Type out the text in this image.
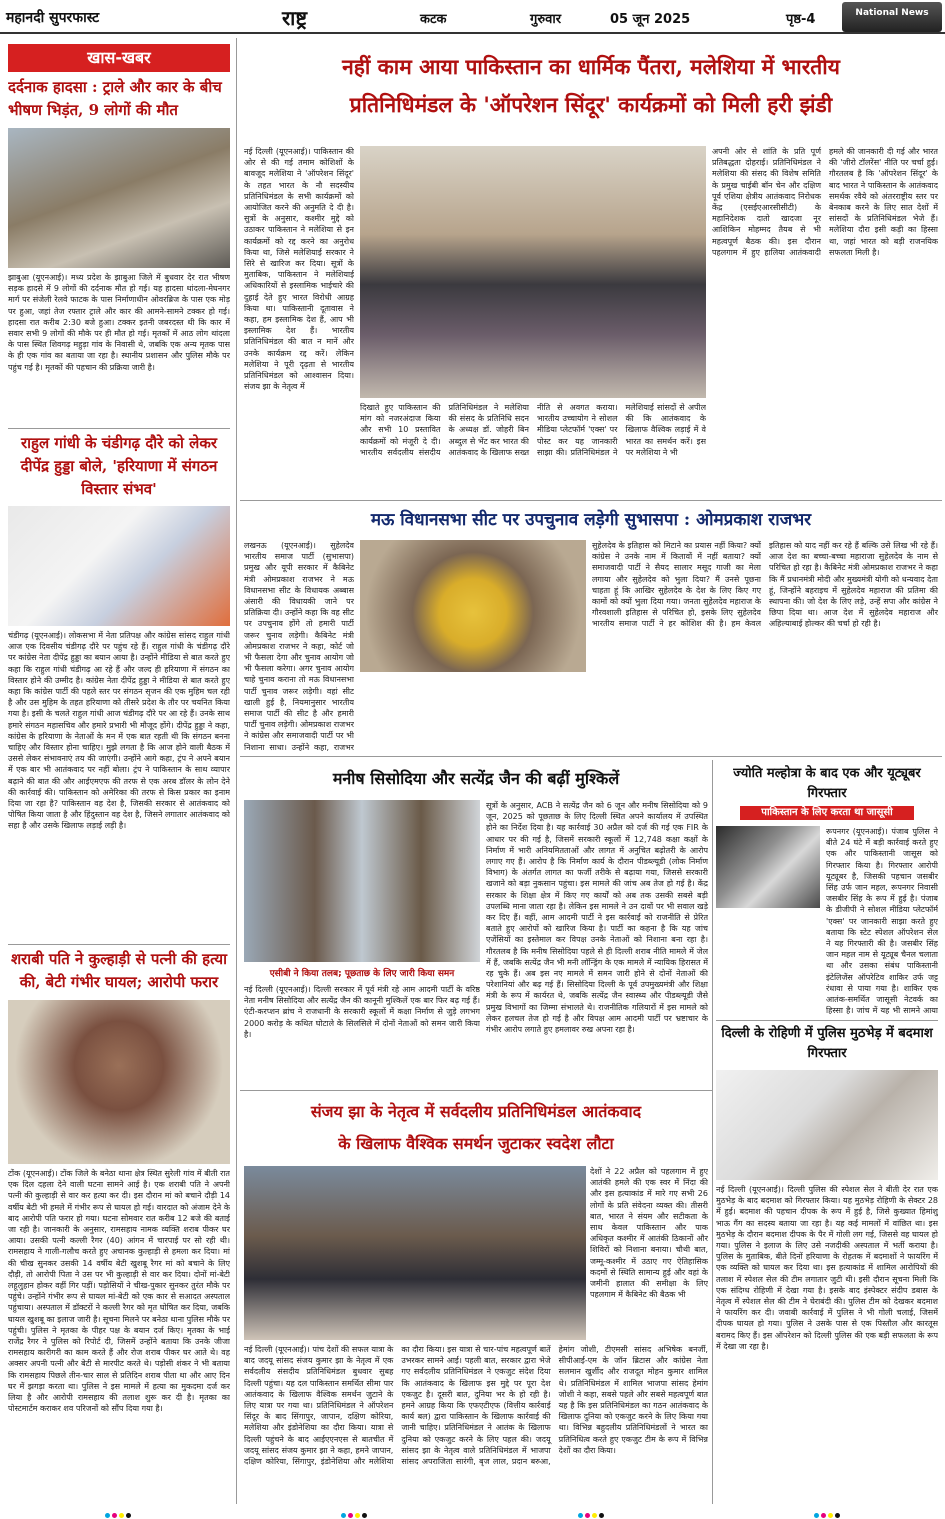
महानदी सुपरफास्ट	राष्ट्र	कटक	गुरुवार	05 जून 2025	पृष्ठ-4	National News
खास-खबर
दर्दनाक हादसा : ट्राले और कार के बीच भीषण भिड़ंत, 9 लोगों की मौत
झाबुआ (यूएनआई)। मध्य प्रदेश के झाबुआ जिले में बुधवार देर रात भीषण सड़क हादसे में 9 लोगों की दर्दनाक मौत हो गई। यह हादसा थांदला-मेघनगर मार्ग पर संजेली रेलवे फाटक के पास निर्माणाधीन ओवरब्रिज के पास एक मोड़ पर हुआ, जहां तेज रफ्तार ट्राले और कार की आमने-सामने टक्कर हो गई। हादसा रात करीब 2:30 बजे हुआ। टक्कर इतनी जबरदस्त थी कि कार में सवार सभी 9 लोगों की मौके पर ही मौत हो गई। मृतकों में आठ लोग थांदला के पास स्थित शिवगढ़ महुड़ा गांव के निवासी थे, जबकि एक अन्य मृतक पास के ही एक गांव का बताया जा रहा है। स्थानीय प्रशासन और पुलिस मौके पर पहुंच गई है। मृतकों की पहचान की प्रक्रिया जारी है।
राहुल गांधी के चंडीगढ़ दौरे को लेकर दीपेंद्र हुड्डा बोले, 'हरियाणा में संगठन विस्तार संभव'
चंडीगढ़ (यूएनआई)। लोकसभा में नेता प्रतिपक्ष और कांग्रेस सांसद राहुल गांधी आज एक दिवसीय चंडीगढ़ दौरे पर पहुंच रहे हैं। राहुल गांधी के चंडीगढ़ दौरे पर कांग्रेस नेता दीपेंद्र हुड्डा का बयान आया है। उन्होंने मीडिया से बात करते हुए कहा कि राहुल गांधी चंडीगढ़ आ रहे हैं और जल्द ही हरियाणा में संगठन का विस्तार होने की उम्मीद है। कांग्रेस नेता दीपेंद्र हुड्डा ने मीडिया से बात करते हुए कहा कि कांग्रेस पार्टी की पहले स्तर पर संगठन सृजन की एक मुहिम चल रही है और उस मुहिम के तहत हरियाणा को तीसरे प्रदेश के तौर पर चयनित किया गया है। इसी के चलते राहुल गांधी आज चंडीगढ़ दौरे पर आ रहे हैं। उनके साथ हमारे संगठन महासचिव और हमारे प्रभारी भी मौजूद होंगे। दीपेंद्र हुड्डा ने कहा, कांग्रेस के हरियाणा के नेताओं के मन में एक बात रहती थी कि संगठन बनना चाहिए और विस्तार होना चाहिए। मुझे लगता है कि आज होने वाली बैठक में उससे लेकर संभावनाएं तय की जाएंगी। उन्होंने आगे कहा, ट्रंप ने अपने बयान में एक बार भी आतंकवाद पर नहीं बोला। ट्रंप ने पाकिस्तान के साथ व्यापार बढ़ाने की बात की और आईएमएफ की तरफ से एक अरब डॉलर के लोन देने की कार्रवाई की। पाकिस्तान को अमेरिका की तरफ से किस प्रकार का इनाम दिया जा रहा है? पाकिस्तान वह देश है, जिसकी सरकार से आतंकवाद को पोषित किया जाता है और हिंदुस्तान वह देश है, जिसने लगातार आतंकवाद को सहा है और उसके खिलाफ लड़ाई लड़ी है।
शराबी पति ने कुल्हाड़ी से पत्नी की हत्या की, बेटी गंभीर घायल; आरोपी फरार
टोंक (यूएनआई)। टोंक जिले के बनेठा थाना क्षेत्र स्थित सुरेली गांव में बीती रात एक दिल दहला देने वाली घटना सामने आई है। एक शराबी पति ने अपनी पत्नी की कुल्हाड़ी से वार कर हत्या कर दी। इस दौरान मां को बचाने दौड़ी 14 वर्षीय बेटी भी हमले में गंभीर रूप से घायल हो गई। वारदात को अंजाम देने के बाद आरोपी पति फरार हो गया। घटना सोमवार रात करीब 12 बजे की बताई जा रही है। जानकारी के अनुसार, रामसहाय नामक व्यक्ति शराब पीकर घर आया। उसकी पत्नी कल्ली रैगर (40) आंगन में चारपाई पर सो रही थी। रामसहाय ने गाली-गलौच करते हुए अचानक कुल्हाड़ी से हमला कर दिया। मां की चीख सुनकर उसकी 14 वर्षीय बेटी खुशबू रैगर मां को बचाने के लिए दौड़ी, तो आरोपी पिता ने उस पर भी कुल्हाड़ी से वार कर दिया। दोनों मां-बेटी लहूलुहान होकर वहीं गिर पड़ीं। पड़ोसियों ने चीख-पुकार सुनकर तुरंत मौके पर पहुंचे। उन्होंने गंभीर रूप से घायल मां-बेटी को एक कार से सआदत अस्पताल पहुंचाया। अस्पताल में डॉक्टरों ने कल्ली रैगर को मृत घोषित कर दिया, जबकि घायल खुशबू का इलाज जारी है। सूचना मिलने पर बनेठा थाना पुलिस मौके पर पहुंची। पुलिस ने मृतका के पीहर पक्ष के बयान दर्ज किए। मृतका के भाई राजेंद्र रैगर ने पुलिस को रिपोर्ट दी, जिसमें उन्होंने बताया कि उनके जीजा रामसहाय कारीगरी का काम करते हैं और रोज शराब पीकर घर आते थे। वह अक्सर अपनी पत्नी और बेटी से मारपीट करते थे। पड़ोसी शंकर ने भी बताया कि रामसहाय पिछले तीन-चार साल से प्रतिदिन शराब पीता था और आए दिन घर में झगड़ा करता था। पुलिस ने इस मामले में हत्या का मुकदमा दर्ज कर लिया है और आरोपी रामसहाय की तलाश शुरू कर दी है। मृतका का पोस्टमार्टम कराकर शव परिजनों को सौंप दिया गया है।
नहीं काम आया पाकिस्तान का धार्मिक पैंतरा, मलेशिया में भारतीय
प्रतिनिधिमंडल के 'ऑपरेशन सिंदूर' कार्यक्रमों को मिली हरी झंडी
नई दिल्ली (यूएनआई)। पाकिस्तान की ओर से की गई तमाम कोशिशों के बावजूद मलेशिया ने 'ऑपरेशन सिंदूर' के तहत भारत के नौ सदस्यीय प्रतिनिधिमंडल के सभी कार्यक्रमों को आयोजित करने की अनुमति दे दी है। सुत्रों के अनुसार, कश्मीर मुद्दे को उठाकर पाकिस्तान ने मलेशिया से इन कार्यक्रमों को रद्द करने का अनुरोध किया था, जिसे मलेशियाई सरकार ने सिरे से खारिज कर दिया। सूत्रों के मुताबिक, पाकिस्तान ने मलेशियाई अधिकारियों से इस्लामिक भाईचारे की दुहाई देते हुए भारत विरोधी आग्रह किया था। पाकिस्तानी दूतावास ने कहा, हम इस्लामिक देश हैं, आप भी इस्लामिक देश हैं। भारतीय प्रतिनिधिमंडल की बात न मानें और उनके कार्यक्रम रद्द करें। लेकिन मलेशिया ने पूरी दृढ़ता से भारतीय प्रतिनिधिमंडल को आश्वासन दिया। संजय झा के नेतृत्व में
दिखाते हुए पाकिस्तान की मांग को नजरअंदाज किया और सभी 10 प्रस्तावित कार्यक्रमों को मंजूरी दे दी। भारतीय सर्वदलीय संसदीय प्रतिनिधिमंडल ने मलेशिया की संसद के प्रतिनिधि सदन के अध्यक्ष डॉ. जोहरी बिन अब्दुल से भेंट कर भारत की आतंकवाद के खिलाफ सख्त नीति से अवगत कराया। भारतीय उच्चायोग ने सोशल मीडिया प्लेटफॉर्म 'एक्स' पर पोस्ट कर यह जानकारी साझा की। प्रतिनिधिमंडल ने मलेशियाई सांसदों से अपील की कि आतंकवाद के खिलाफ वैश्विक लड़ाई में वे भारत का समर्थन करें। इस पर मलेशिया ने भी
अपनी ओर से शांति के प्रति पूर्ण प्रतिबद्धता दोहराई। प्रतिनिधिमंडल ने मलेशिया की संसद की विशेष समिति के प्रमुख चाईबी बॉन चेन और दक्षिण पूर्व एशिया क्षेत्रीय आतंकवाद निरोधक केंद्र (एसईएआरसीसीटी) के महानिदेशक दातो खादजा नूर आशिकिन मोहम्मद तैयब से भी महत्वपूर्ण बैठक की। इस दौरान पहलगाम में हुए हालिया आतंकवादी हमले की जानकारी दी गई और भारत की 'जीरो टॉलरेंस' नीति पर चर्चा हुई। गौरतलब है कि 'ऑपरेशन सिंदूर' के बाद भारत ने पाकिस्तान के आतंकवाद समर्थक रवैये को अंतरराष्ट्रीय स्तर पर बेनकाब करने के लिए सात देशों में सांसदों के प्रतिनिधिमंडल भेजे हैं। मलेशिया दौरा इसी कड़ी का हिस्सा था, जहां भारत को बड़ी राजनयिक सफलता मिली है।
मऊ विधानसभा सीट पर उपचुनाव लड़ेगी सुभासपा : ओमप्रकाश राजभर
लखनऊ (यूएनआई)। सुहेलदेव भारतीय समाज पार्टी (सुभासपा) प्रमुख और यूपी सरकार में कैबिनेट मंत्री ओमप्रकाश राजभर ने मऊ विधानसभा सीट के विधायक अब्बास अंसारी की विधायकी जाने पर प्रतिक्रिया दी। उन्होंने कहा कि वह सीट पर उपचुनाव होंगे तो हमारी पार्टी जरूर चुनाव लड़ेगी। कैबिनेट मंत्री ओमप्रकाश राजभर ने कहा, कोर्ट जो भी फैसला देगा और चुनाव आयोग जो भी फैसला करेगा। अगर चुनाव आयोग चाहे चुनाव कराना तो मऊ विधानसभा पार्टी चुनाव जरूर लड़ेगी। वहां सीट खाली हुई है, नियमानुसार भारतीय समाज पार्टी की सीट है और हमारी पार्टी चुनाव लड़ेगी। ओमप्रकाश राजभर ने कांग्रेस और समाजवादी पार्टी पर भी निशाना साधा। उन्होंने कहा, राजभर
सुहेलदेव के इतिहास को मिटाने का प्रयास नहीं किया? क्यों कांग्रेस ने उनके नाम में कितावों में नहीं बताया? क्यों समाजवादी पार्टी ने सैयद सालार मसूद गाजी का मेला लगाया और सुहेलदेव को भुला दिया? मैं उनसे पूछना चाहता हूं कि आखिर सुहेलदेव के देश के लिए किए गए कामों को क्यों भुला दिया गया। जनता सुहेलदेव महाराज के गौरवशाली इतिहास से परिचित हो, इसके लिए सुहेलदेव भारतीय समाज पार्टी ने हर कोशिश की है। हम केवल इतिहास को याद नहीं कर रहे हैं बल्कि उसे लिख भी रहे हैं। आज देश का बच्चा-बच्चा महाराजा सुहेलदेव के नाम से परिचित हो रहा है। कैबिनेट मंत्री ओमप्रकाश राजभर ने कहा कि मैं प्रधानमंत्री मोदी और मुख्यमंत्री योगी को धन्यवाद देता हूं, जिन्होंने बहराइच में सुहेलदेव महाराज की प्रतिमा की स्थापना की। जो देश के लिए लड़े, उन्हें सपा और कांग्रेस ने छिपा दिया था। आज देश में सुहेलदेव महाराज और अहिल्याबाई होल्कर की चर्चा हो रही है।
मनीष सिसोदिया और सत्येंद्र जैन की बढ़ीं मुश्किलें
एसीबी ने किया तलब; पूछताछ के लिए जारी किया समन
नई दिल्ली (यूएनआई)। दिल्ली सरकार में पूर्व मंत्री रहे आम आदमी पार्टी के वरिष्ठ नेता मनीष सिसोदिया और सत्येंद्र जैन की कानूनी मुश्किलें एक बार फिर बढ़ गई हैं। एंटी-करप्शन ब्रांच ने राजधानी के सरकारी स्कूलों में कक्षा निर्माण से जुड़े लगभग 2000 करोड़ के कथित घोटाले के सिलसिले में दोनों नेताओं को समन जारी किया है।
सूत्रों के अनुसार, ACB ने सत्येंद्र जैन को 6 जून और मनीष सिसोदिया को 9 जून, 2025 को पूछताछ के लिए दिल्ली स्थित अपने कार्यालय में उपस्थित होने का निर्देश दिया है। यह कार्रवाई 30 अप्रैल को दर्ज की गई एक FIR के आधार पर की गई है, जिसमें सरकारी स्कूलों में 12,748 कक्षा कक्षों के निर्माण में भारी अनियमितताओं और लागत में अनुचित बढ़ोतरी के आरोप लगाए गए हैं। आरोप है कि निर्माण कार्य के दौरान पीडब्ल्यूडी (लोक निर्माण विभाग) के अंतर्गत लागत का फर्जी तरीके से बढ़ाया गया, जिससे सरकारी खजाने को बड़ा नुकसान पहुंचा। इस मामले की जांच अब तेज हो गई है। केंद्र सरकार के शिक्षा क्षेत्र में किए गए कार्यों को अब तक उसकी सबसे बड़ी उपलब्धि माना जाता रहा है। लेकिन इस मामले ने उन दावों पर भी सवाल खड़े कर दिए हैं। वहीं, आम आदमी पार्टी ने इस कार्रवाई को राजनीति से प्रेरित बताते हुए आरोपों को खारिज किया है। पार्टी का कहना है कि यह जांच एजेंसियों का इस्तेमाल कर विपक्ष उनके नेताओं को निशाना बना रहा है। गौरतलब है कि मनीष सिसोदिया पहले से ही दिल्ली शराब नीति मामले में जेल में हैं, जबकि सत्येंद्र जैन भी मनी लॉन्ड्रिंग के एक मामले में न्यायिक हिरासत में रह चुके हैं। अब इस नए मामले में समन जारी होने से दोनों नेताओं की परेशानियां और बढ़ गई हैं। सिसोदिया दिल्ली के पूर्व उपमुख्यमंत्री और शिक्षा मंत्री के रूप में कार्यरत थे, जबकि सत्येंद्र जैन स्वास्थ्य और पीडब्ल्यूडी जैसे प्रमुख विभागों का जिम्मा संभालते थे। राजनीतिक गलियारों में इस मामले को लेकर हलचल तेज हो गई है और विपक्ष आम आदमी पार्टी पर भ्रष्टाचार के गंभीर आरोप लगाते हुए हमलावर रुख अपना रहा है।
ज्योति मल्होत्रा के बाद एक और यूट्यूबर गिरफ्तार
पाकिस्तान के लिए करता था जासूसी
रूपनगर (यूएनआई)। पंजाब पुलिस ने बीते 24 घंटे में बड़ी कार्रवाई करते हुए एक और पाकिस्तानी जासूस को गिरफ्तार किया है। गिरफ्तार आरोपी यूट्यूबर है, जिसकी पहचान जसबीर सिंह उर्फ जान महल, रूपनगर निवासी जसबीर सिंह के रूप में हुई है। पंजाब के डीजीपी ने सोशल मीडिया प्लेटफॉर्म 'एक्स' पर जानकारी साझा करते हुए बताया कि स्टेट स्पेशल ऑपरेशन सेल ने यह गिरफ्तारी की है। जसबीर सिंह जान महल नाम से यूट्यूब चैनल चलाता था और उसका संबंध पाकिस्तानी इंटेलिजेंस ऑपरेटिव शाकिर उर्फ जट्ट रंधावा से पाया गया है। शाकिर एक आतंक-समर्थित जासूसी नेटवर्क का हिस्सा है। जांच में यह भी सामने आया
दिल्ली के रोहिणी में पुलिस मुठभेड़ में बदमाश गिरफ्तार
नई दिल्ली (यूएनआई)। दिल्ली पुलिस की स्पेशल सेल ने बीती देर रात एक मुठभेड़ के बाद बदमाश को गिरफ्तार किया। यह मुठभेड़ रोहिणी के सेक्टर 28 में हुई। बदमाश की पहचान दीपक के रूप में हुई है, जिसे कुख्यात हिमांशु भाऊ गैंग का सदस्य बताया जा रहा है। यह कई मामलों में वांछित था। इस मुठभेड़ के दौरान बदमाश दीपक के पैर में गोली लग गई, जिससे वह घायल हो गया। पुलिस ने इलाज के लिए उसे नजदीकी अस्पताल में भर्ती कराया है। पुलिस के मुताबिक, बीते दिनों हरियाणा के रोहतक में बदमाशों ने फायरिंग में एक व्यक्ति को घायल कर दिया था। इस हत्याकांड में शामिल आरोपियों की तलाश में स्पेशल सेल की टीम लगातार जुटी थी। इसी दौरान सूचना मिली कि एक संदिग्ध रोहिणी में देखा गया है। इसके बाद इंस्पेक्टर संदीप डबास के नेतृत्व में स्पेशल सेल की टीम ने घेराबंदी की। पुलिस टीम को देखकर बदमाश ने फायरिंग कर दी। जवाबी कार्रवाई में पुलिस ने भी गोली चलाई, जिसमें दीपक घायल हो गया। पुलिस ने उसके पास से एक पिस्तौल और कारतूस बरामद किए हैं। इस ऑपरेशन को दिल्ली पुलिस की एक बड़ी सफलता के रूप में देखा जा रहा है।
संजय झा के नेतृत्व में सर्वदलीय प्रतिनिधिमंडल आतंकवाद
के खिलाफ वैश्विक समर्थन जुटाकर स्वदेश लौटा
देशों ने 22 अप्रैल को पहलगाम में हुए आतंकी हमले की एक स्वर में निंदा की और इस हत्याकांड में मारे गए सभी 26 लोगों के प्रति संवेदना व्यक्त की। तीसरी बात, भारत ने संयम और सटीकता के साथ केवल पाकिस्तान और पाक अधिकृत कश्मीर में आतंकी ठिकानों और शिविरों को निशाना बनाया। चौथी बात, जम्मू-कश्मीर में उठाए गए ऐतिहासिक कदमों से स्थिति सामान्य हुई और वहां के जमीनी हालात की समीक्षा के लिए पहलगाम में कैबिनेट की बैठक भी
नई दिल्ली (यूएनआई)। पांच देशों की सफल यात्रा के बाद जदयू सांसद संजय कुमार झा के नेतृत्व में एक सर्वदलीय संसदीय प्रतिनिधिमंडल बुधवार सुबह दिल्ली पहुंचा। यह दल पाकिस्तान समर्थित सीमा पार आतंकवाद के खिलाफ वैश्विक समर्थन जुटाने के लिए यात्रा पर गया था। प्रतिनिधिमंडल ने ऑपरेशन सिंदूर के बाद सिंगापुर, जापान, दक्षिण कोरिया, मलेशिया और इंडोनेशिया का दौरा किया। यात्रा से दिल्ली पहुंचने के बाद आईएएनएस से बातचीत में जदयू सांसद संजय कुमार झा ने कहा, हमने जापान, दक्षिण कोरिया, सिंगापुर, इंडोनेशिया और मलेशिया का दौरा किया। इस यात्रा से चार-पांच महत्वपूर्ण बातें उभरकर सामने आई। पहली बात, सरकार द्वारा भेजे गए सर्वदलीय प्रतिनिधिमंडल ने एकजुट संदेश दिया कि आतंकवाद के खिलाफ इस मुद्दे पर पूरा देश एकजुट है। दूसरी बात, दुनिया भर के हो रही है। हमने आग्रह किया कि एफएटीएफ (वित्तीय कार्रवाई कार्य बल) द्वारा पाकिस्तान के खिलाफ कार्रवाई की जानी चाहिए। प्रतिनिधिमंडल ने आतंक के खिलाफ दुनिया को एकजुट करने के लिए पहल की। जदयू सांसद झा के नेतृत्व वाले प्रतिनिधिमंडल में भाजपा सांसद अपराजिता सारंगी, बृज लाल, प्रदान बरुआ, हेमांग जोशी, टीएमसी सांसद अभिषेक बनर्जी, सीपीआई-एम के जॉन ब्रिटास और कांग्रेस नेता सलमान खुर्शीद और राजदूत मोहन कुमार शामिल थे। प्रतिनिधिमंडल में शामिल भाजपा सांसद हेमांग जोशी ने कहा, सबसे पहले और सबसे महत्वपूर्ण बात यह है कि इस प्रतिनिधिमंडल का गठन आतंकवाद के खिलाफ दुनिया को एकजुट करने के लिए किया गया था। विभिन्न बहुदलीय प्रतिनिधिमंडलों ने भारत का प्रतिनिधित्व करते हुए एकजुट टीम के रूप में विभिन्न देशों का दौरा किया।
